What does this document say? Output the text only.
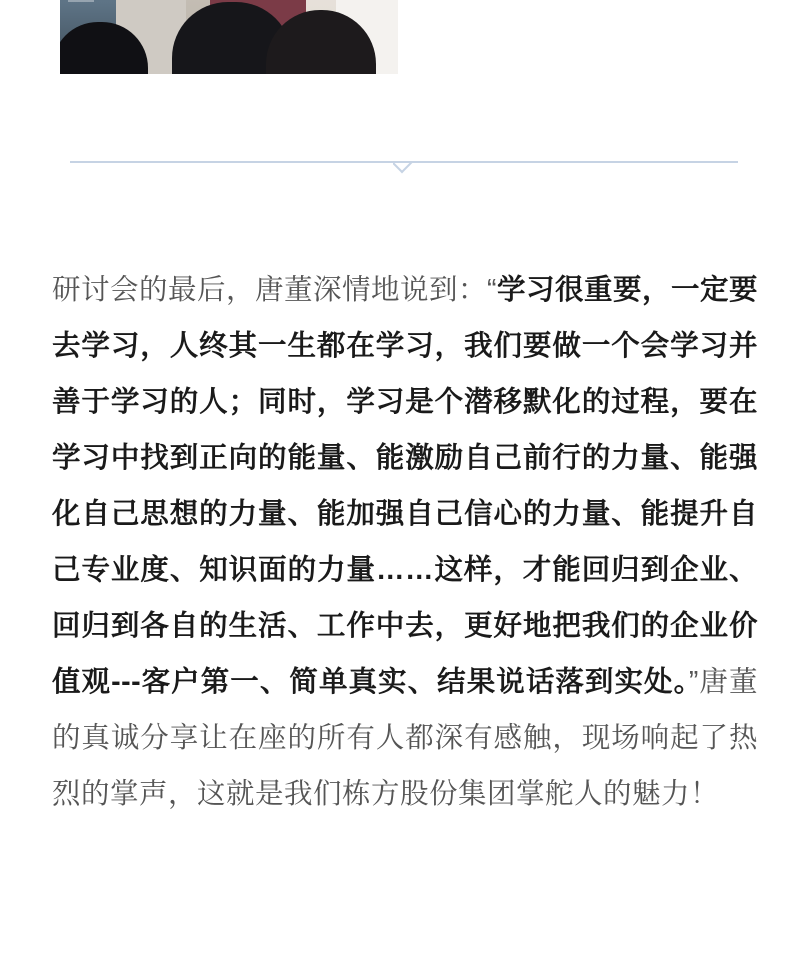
研讨会的最后，唐董深情地说到：“学习很重要，一定要去学习，人终其一生都在学习，我们要做一个会学习并善于学习的人；同时，学习是个潜移默化的过程，要在学习中找到正向的能量、能激励自己前行的力量、能强化自己思想的力量、能加强自己信心的力量、能提升自己专业度、知识面的力量……这样，才能回归到企业、回归到各自的生活、工作中去，更好地把我们的企业价值观---客户第一、简单真实、结果说话落到实处。”唐董的真诚分享让在座的所有人都深有感触，现场响起了热烈的掌声，这就是我们栋方股份集团掌舵人的魅力！
